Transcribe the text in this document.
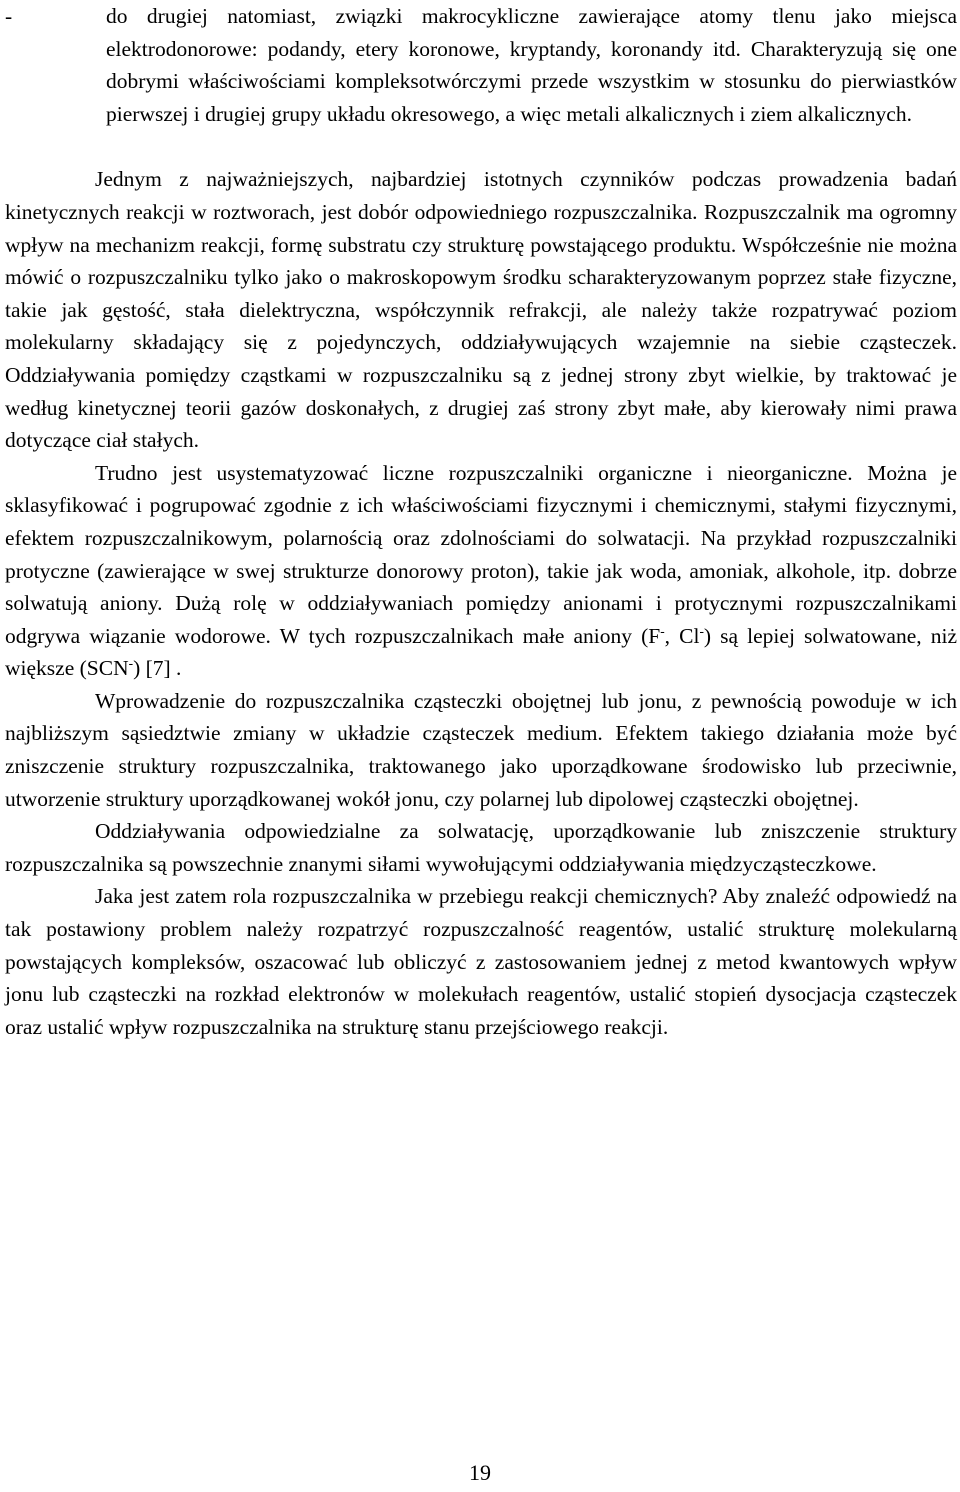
-	do drugiej natomiast, związki makrocykliczne zawierające atomy tlenu jako miejsca elektrodonorowe: podandy, etery koronowe, kryptandy, koronandy itd. Charakteryzują się one dobrymi właściwościami kompleksotwórczymi przede wszystkim w stosunku do pierwiastków pierwszej i drugiej grupy układu okresowego, a więc metali alkalicznych i ziem alkalicznych.

Jednym z najważniejszych, najbardziej istotnych czynników podczas prowadzenia badań kinetycznych reakcji w roztworach, jest dobór odpowiedniego rozpuszczalnika. Rozpuszczalnik ma ogromny wpływ na mechanizm reakcji, formę substratu czy strukturę powstającego produktu. Współcześnie nie można mówić o rozpuszczalniku tylko jako o makroskopowym środku scharakteryzowanym poprzez stałe fizyczne, takie jak gęstość, stała dielektryczna, współczynnik refrakcji, ale należy także rozpatrywać poziom molekularny składający się z pojedynczych, oddziaływujących wzajemnie na siebie cząsteczek. Oddziaływania pomiędzy cząstkami w rozpuszczalniku są z jednej strony zbyt wielkie, by traktować je według kinetycznej teorii gazów doskonałych, z drugiej zaś strony zbyt małe, aby kierowały nimi prawa dotyczące ciał stałych.

Trudno jest usystematyzować liczne rozpuszczalniki organiczne i nieorganiczne. Można je sklasyfikować i pogrupować zgodnie z ich właściwościami fizycznymi i chemicznymi, stałymi fizycznymi, efektem rozpuszczalnikowym, polarnością oraz zdolnościami do solwatacji. Na przykład rozpuszczalniki protyczne (zawierające w swej strukturze donorowy proton), takie jak woda, amoniak, alkohole, itp. dobrze solwatują aniony. Dużą rolę w oddziaływaniach pomiędzy anionami i protycznymi rozpuszczalnikami odgrywa wiązanie wodorowe. W tych rozpuszczalnikach małe aniony (F-, Cl-) są lepiej solwatowane, niż większe (SCN-) [7] .

Wprowadzenie do rozpuszczalnika cząsteczki obojętnej lub jonu, z pewnością powoduje w ich najbliższym sąsiedztwie zmiany w układzie cząsteczek medium. Efektem takiego działania może być zniszczenie struktury rozpuszczalnika, traktowanego jako uporządkowane środowisko lub przeciwnie, utworzenie struktury uporządkowanej wokół jonu, czy polarnej lub dipolowej cząsteczki obojętnej.

Oddziaływania odpowiedzialne za solwatację, uporządkowanie lub zniszczenie struktury rozpuszczalnika są powszechnie znanymi siłami wywołującymi oddziaływania międzycząsteczkowe.

Jaka jest zatem rola rozpuszczalnika w przebiegu reakcji chemicznych? Aby znaleźć odpowiedź na tak postawiony problem należy rozpatrzyć rozpuszczalność reagentów, ustalić strukturę molekularną powstających kompleksów, oszacować lub obliczyć z zastosowaniem jednej z metod kwantowych wpływ jonu lub cząsteczki na rozkład elektronów w molekułach reagentów, ustalić stopień dysocjacja cząsteczek oraz ustalić wpływ rozpuszczalnika na strukturę stanu przejściowego reakcji.

19
